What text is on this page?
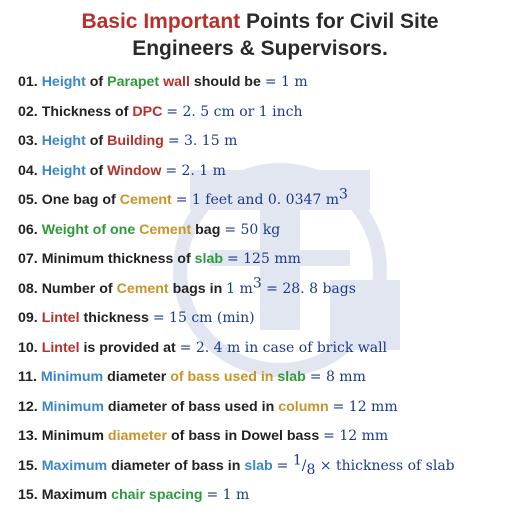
Basic Important Points for Civil Site
Engineers & Supervisors.
01. Height of Parapet wall should be = 1 m
02. Thickness of DPC = 2. 5 cm or 1 inch
03. Height of Building = 3. 15 m
04. Height of Window = 2. 1 m
05. One bag of Cement = 1 feet and 0. 0347 $m^3$
06. Weight of one Cement bag = 50 kg
07. Minimum thickness of slab = 125 mm
08. Number of Cement bags in 1 $m^3 = 28$. 8 bags
09. Lintel thickness = 15 cm (min)
10. Lintel is provided at = 2. 4 m in case of brick wall
11. Minimum diameter of bass used in slab = 8 mm
12. Minimum diameter of bass used in column = 12 mm
13. Minimum diameter of bass in Dowel bass = 12 mm
15. Maximum diameter of bass in slab = $^1/_8$ × thickness of slab
15. Maximum chair spacing = 1 m
